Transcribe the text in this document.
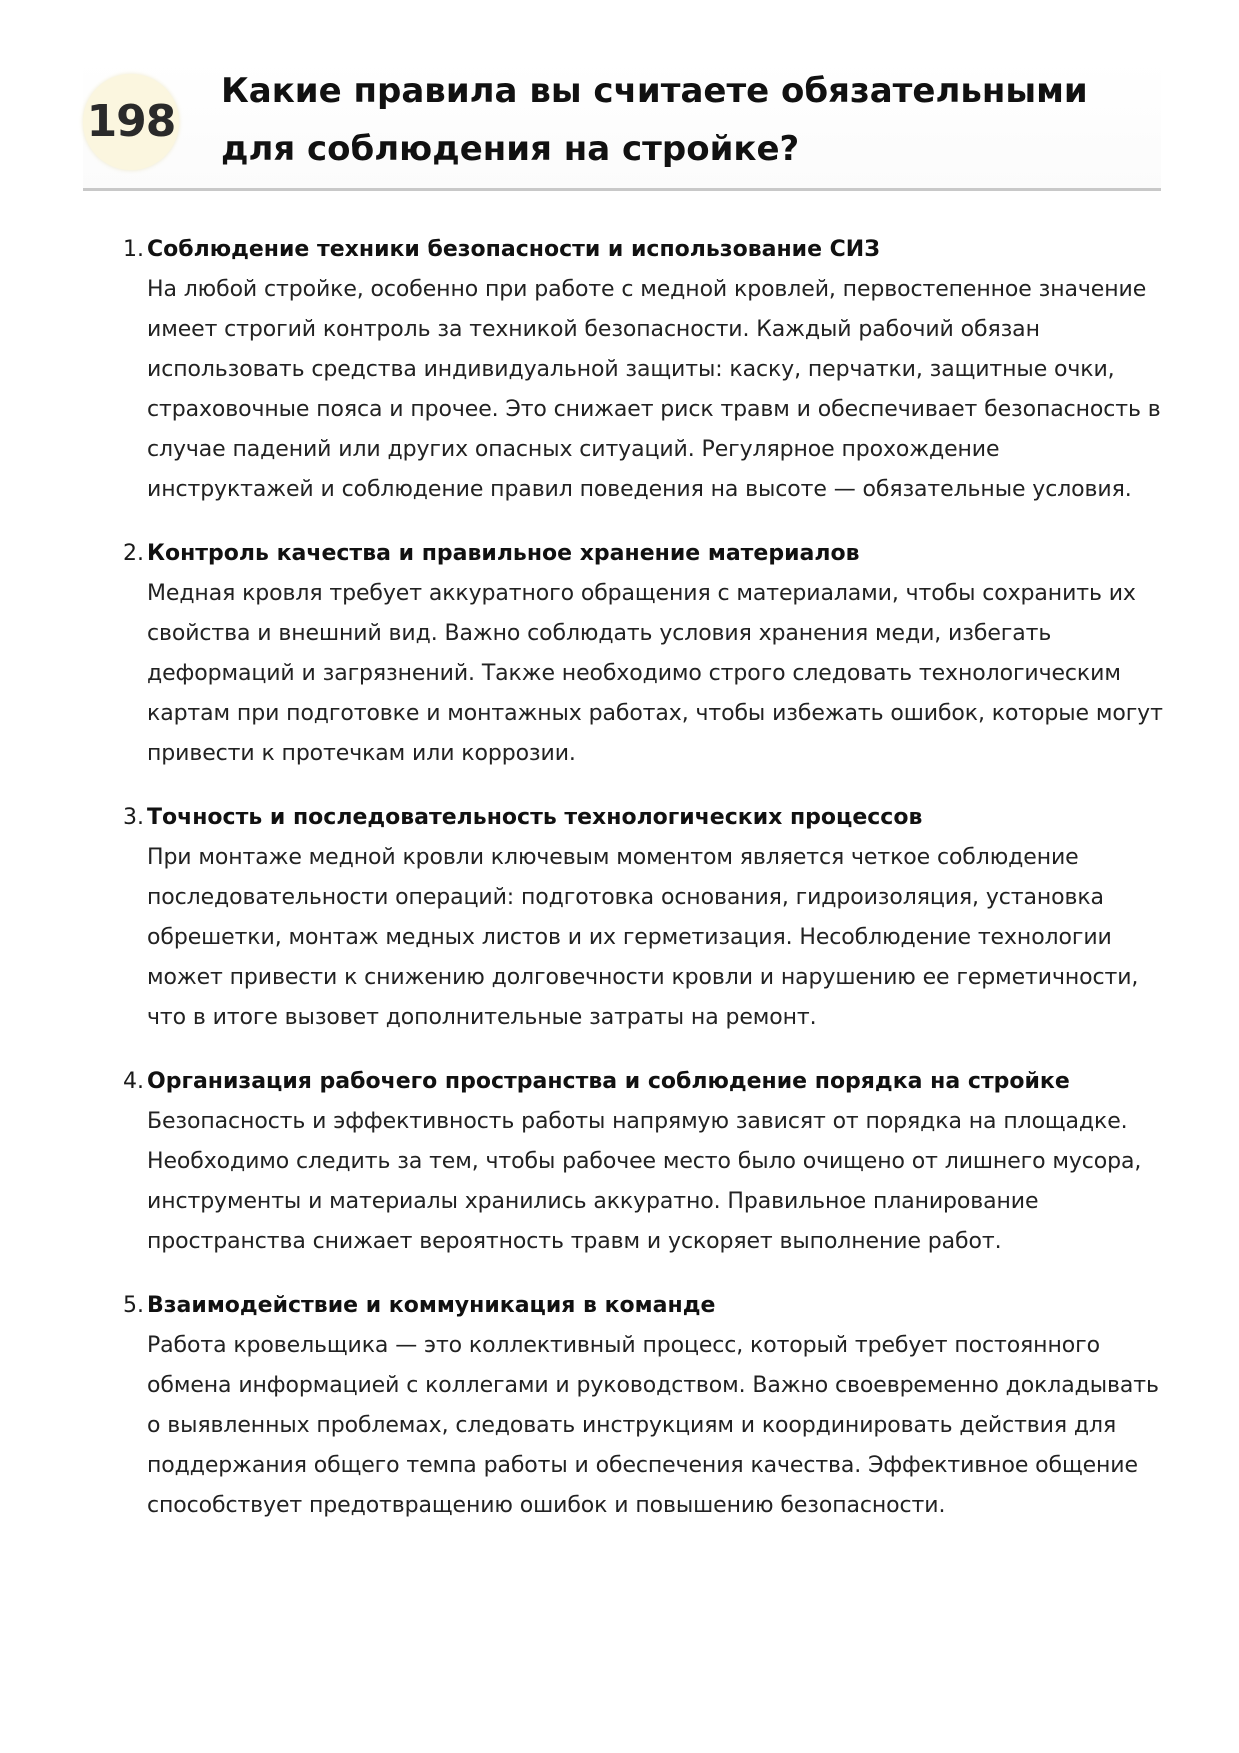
198
Какие правила вы считаете обязательными для соблюдения на стройке?
1. Соблюдение техники безопасности и использование СИЗ
На любой стройке, особенно при работе с медной кровлей, первостепенное значение имеет строгий контроль за техникой безопасности. Каждый рабочий обязан использовать средства индивидуальной защиты: каску, перчатки, защитные очки, страховочные пояса и прочее. Это снижает риск травм и обеспечивает безопасность в случае падений или других опасных ситуаций. Регулярное прохождение инструктажей и соблюдение правил поведения на высоте — обязательные условия.
2. Контроль качества и правильное хранение материалов
Медная кровля требует аккуратного обращения с материалами, чтобы сохранить их свойства и внешний вид. Важно соблюдать условия хранения меди, избегать деформаций и загрязнений. Также необходимо строго следовать технологическим картам при подготовке и монтажных работах, чтобы избежать ошибок, которые могут привести к протечкам или коррозии.
3. Точность и последовательность технологических процессов
При монтаже медной кровли ключевым моментом является четкое соблюдение последовательности операций: подготовка основания, гидроизоляция, установка обрешетки, монтаж медных листов и их герметизация. Несоблюдение технологии может привести к снижению долговечности кровли и нарушению ее герметичности, что в итоге вызовет дополнительные затраты на ремонт.
4. Организация рабочего пространства и соблюдение порядка на стройке
Безопасность и эффективность работы напрямую зависят от порядка на площадке. Необходимо следить за тем, чтобы рабочее место было очищено от лишнего мусора, инструменты и материалы хранились аккуратно. Правильное планирование пространства снижает вероятность травм и ускоряет выполнение работ.
5. Взаимодействие и коммуникация в команде
Работа кровельщика — это коллективный процесс, который требует постоянного обмена информацией с коллегами и руководством. Важно своевременно докладывать о выявленных проблемах, следовать инструкциям и координировать действия для поддержания общего темпа работы и обеспечения качества. Эффективное общение способствует предотвращению ошибок и повышению безопасности.
